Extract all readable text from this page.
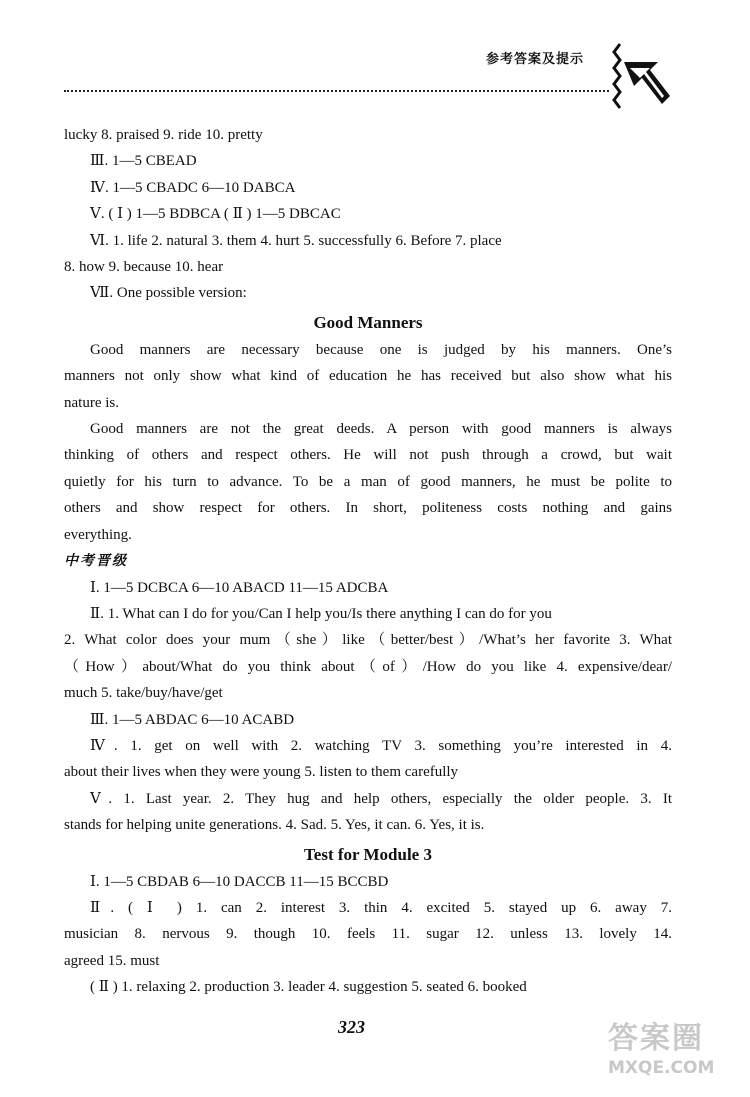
参考答案及提示

lucky 8. praised 9. ride 10. pretty

Ⅲ. 1—5 CBEAD

Ⅳ. 1—5 CBADC 6—10 DABCA

Ⅴ. ( Ⅰ ) 1—5 BDBCA ( Ⅱ ) 1—5 DBCAC

Ⅵ. 1. life 2. natural 3. them 4. hurt 5. successfully 6. Before 7. place

8. how 9. because 10. hear

Ⅶ. One possible version:

Good Manners

Good manners are necessary because one is judged by his manners. One’s

manners not only show what kind of education he has received but also show what his

nature is.

Good manners are not the great deeds. A person with good manners is always

thinking of others and respect others. He will not push through a crowd, but wait

quietly for his turn to advance. To be a man of good manners, he must be polite to

others and show respect for others. In short, politeness costs nothing and gains

everything.

中考晋级

Ⅰ. 1—5 DCBCA 6—10 ABACD 11—15 ADCBA

Ⅱ. 1. What can I do for you/Can I help you/Is there anything I can do for you

2. What color does your mum（she）like（better/best）/What’s her favorite 3. What

（How）about/What do you think about（of）/How do you like 4. expensive/dear/

much 5. take/buy/have/get

Ⅲ. 1—5 ABDAC 6—10 ACABD

Ⅳ. 1. get on well with 2. watching TV 3. something you’re interested in 4.

about their lives when they were young 5. listen to them carefully

Ⅴ. 1. Last year. 2. They hug and help others, especially the older people. 3. It

stands for helping unite generations. 4. Sad. 5. Yes, it can. 6. Yes, it is.

Test for Module 3

Ⅰ. 1—5 CBDAB 6—10 DACCB 11—15 BCCBD

Ⅱ. ( Ⅰ ) 1. can 2. interest 3. thin 4. excited 5. stayed up 6. away 7.

musician 8. nervous 9. though 10. feels 11. sugar 12. unless 13. lovely 14.

agreed 15. must

( Ⅱ ) 1. relaxing 2. production 3. leader 4. suggestion 5. seated 6. booked

323	答案圈
MXQE.COM
